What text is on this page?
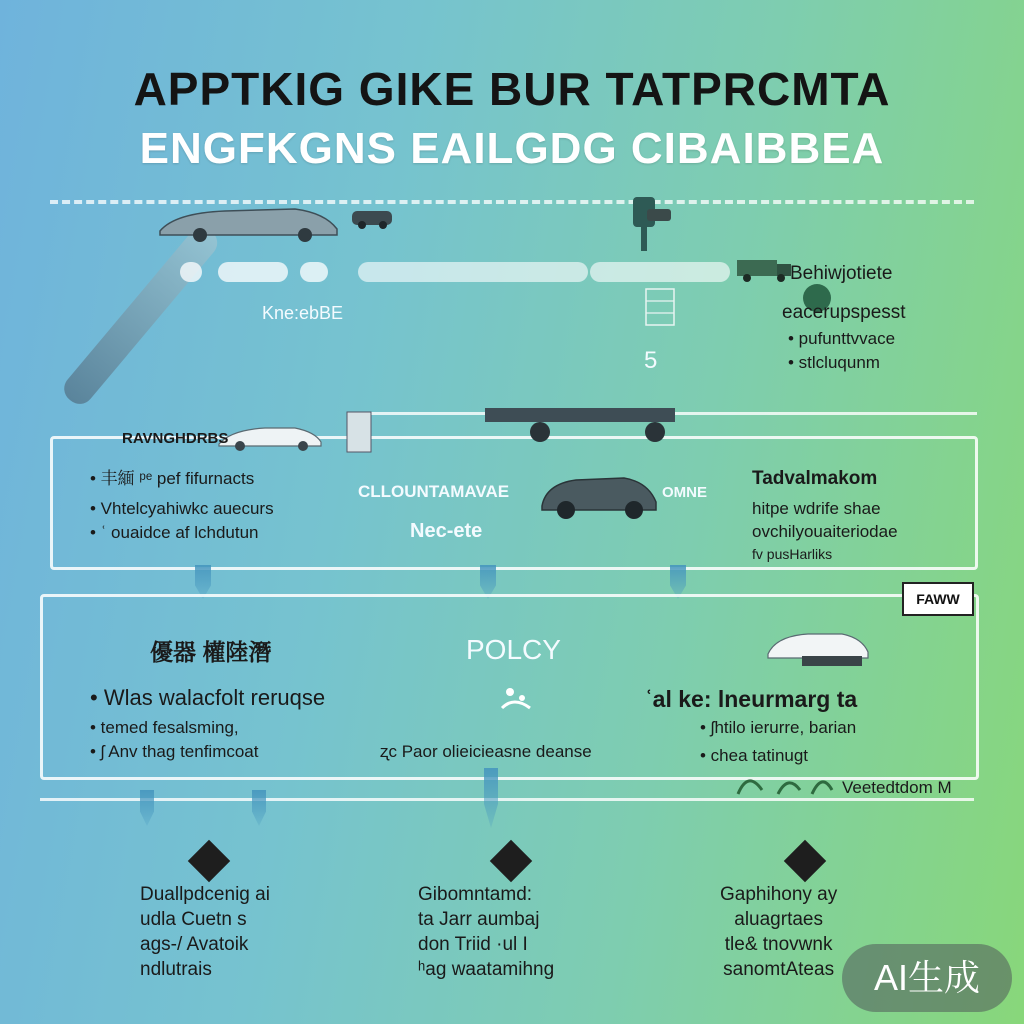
APPTKIG GIKE BUR TATPRCMTA
ENGFKGNS EAILGDG CIBAIBBEA
Kne:ebBE
5
Behiwjotiete
eacerupspesst
• pufunttvvace
• stlcluqunm
RAVNGHDRBS
• 丰緬 ᵖᵉ pef fifurnacts
• Vhtelcyahiwkc auecurs
• ʿ ouaidce af lchdutun
CLLOUNTAMAVAE	OMNE
Nec-ete
Tadvalmakom
hitpe wdrife shae
ovchilyouaiteriodae
fv pusHarliks
FAWW
優器 權陸潛
• Wlas walacfolt reruqse
• temed fesalsming,
• ʃ Anv thag tenfimcoat
POLCY
ʐc Paor olieicieasne deanse
ʿal ke: lneurmarg ta
• ʃhtilo ierurre, barian
• chea tatinugt
Veetedtdom M
Duallpdcenig ai
udla Cuetn s
ags-/ Avatoik
ndlutrais
Gibomntamd:
ta Jarr aumbaj
don Triid ·ul I
ʰag waatamihng
Gaphihony ay
aluagrtaes
tle& tnovwnk
sanomtAteas	AI生成
